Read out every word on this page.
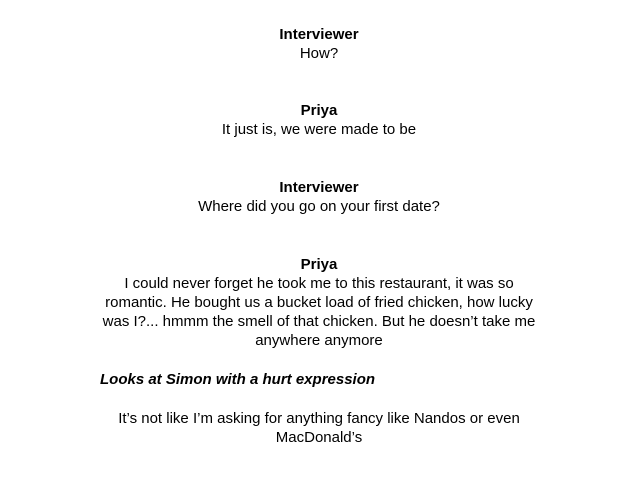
Interviewer
How?
Priya
It just is, we were made to be
Interviewer
Where did you go on your first date?
Priya
I could never forget he took me to this restaurant, it was so romantic. He bought us a bucket load of fried chicken, how lucky was I?... hmmm the smell of that chicken. But he doesn’t take me anywhere anymore
Looks at Simon with a hurt expression
It’s not like I’m asking for anything fancy like Nandos or even MacDonald’s
